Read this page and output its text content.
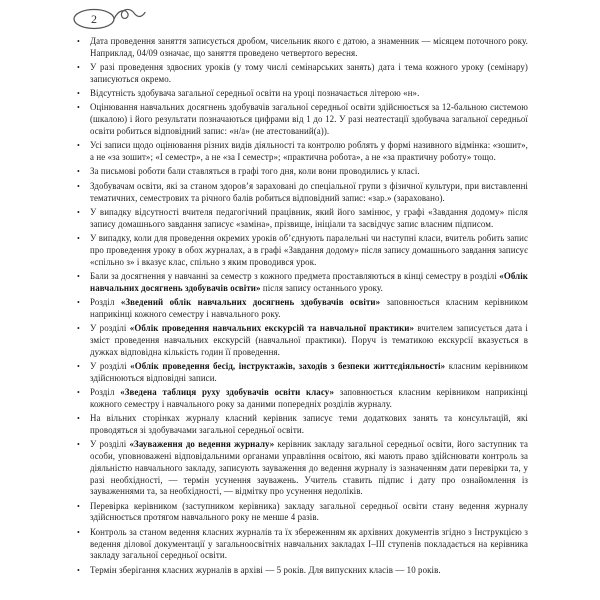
2
•	Дата проведення заняття записується дробом, чисельник якого є датою, а знаменник — місяцем поточного року. Наприклад, 04/09 означає, що заняття проведено четвертого вересня.
•	У разі проведення здвоєних уроків (у тому числі семінарських занять) дата і тема кожного уроку (семінару) записуються окремо.
•	Відсутність здобувача загальної середньої освіти на уроці позначається літерою «н».
•	Оцінювання навчальних досягнень здобувачів загальної середньої освіти здійснюється за 12-бальною системою (шкалою) і його результати позначаються цифрами від 1 до 12. У разі неатестації здобувача загальної середньої освіти робиться відповідний запис: «н/а» (не атестований(а)).
•	Усі записи щодо оцінювання різних видів діяльності та контролю роблять у формі називного відмінка: «зошит», а не «за зошит»; «І семестр», а не «за І семестр»; «практична робота», а не «за практичну роботу» тощо.
•	За письмові роботи бали ставляться в графі того дня, коли вони проводились у класі.
•	Здобувачам освіти, які за станом здоров’я зараховані до спеціальної групи з фізичної культури, при виставленні тематичних, семестрових та річного балів робиться відповідний запис: «зар.» (зараховано).
•	У випадку відсутності вчителя педагогічний працівник, який його замінює, у графі «Завдання додому» після запису домашнього завдання записує «заміна», прізвище, ініціали та засвідчує запис власним підписом.
•	У випадку, коли для проведення окремих уроків об’єднують паралельні чи наступні класи, вчитель робить запис про проведення уроку в обох журналах, а в графі «Завдання додому» після запису домашнього завдання записує «спільно з» і вказує клас, спільно з яким проводився урок.
•	Бали за досягнення у навчанні за семестр з кожного предмета проставляються в кінці семестру в розділі «Облік навчальних досягнень здобувачів освіти» після запису останнього уроку.
•	Розділ «Зведений облік навчальних досягнень здобувачів освіти» заповнюється класним керівником наприкінці кожного семестру і навчального року.
•	У розділі «Облік проведення навчальних екскурсій та навчальної практики» вчителем записується дата і зміст проведення навчальних екскурсій (навчальної практики). Поруч із тематикою екскурсії вказується в дужках відповідна кількість годин її проведення.
•	У розділі «Облік проведення бесід, інструктажів, заходів з безпеки життєдіяльності» класним керівником здійснюються відповідні записи.
•	Розділ «Зведена таблиця руху здобувачів освіти класу» заповнюється класним керівником наприкінці кожного семестру і навчального року за даними попередніх розділів журналу.
•	На вільних сторінках журналу класний керівник записує теми додаткових занять та консультацій, які проводяться зі здобувачами загальної середньої освіти.
•	У розділі «Зауваження до ведення журналу» керівник закладу загальної середньої освіти, його заступник та особи, уповноважені відповідальними органами управління освітою, які мають право здійснювати контроль за діяльністю навчального закладу, записують зауваження до ведення журналу із зазначенням дати перевірки та, у разі необхідності, — термін усунення зауважень. Учитель ставить підпис і дату про ознайомлення із зауваженнями та, за необхідності, — відмітку про усунення недоліків.
•	Перевірка керівником (заступником керівника) закладу загальної середньої освіти стану ведення журналу здійснюється протягом навчального року не менше 4 разів.
•	Контроль за станом ведення класних журналів та їх збереженням як архівних документів згідно з Інструкцією з ведення ділової документації у загальноосвітніх навчальних закладах І–ІІІ ступенів покладається на керівника закладу загальної середньої освіти.
•	Термін зберігання класних журналів в архіві — 5 років. Для випускних класів — 10 років.
